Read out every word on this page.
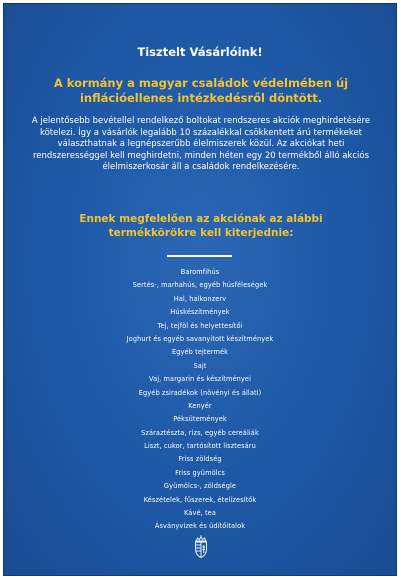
Tisztelt Vásárlóink!
A kormány a magyar családok védelmében új inflációellenes intézkedésről döntött.
A jelentősebb bevétellel rendelkező boltokat rendszeres akciók meghirdetésére kötelezi. Így a vásárlók legalább 10 százalékkal csökkentett árú termékeket választhatnak a legnépszerűbb élelmiszerek közül. Az akciókat heti rendszerességgel kell meghirdetni, minden héten egy 20 termékből álló akciós élelmiszerkosár áll a családok rendelkezésére.
Ennek megfelelően az akciónak az alábbi termékkörökre kell kiterjednie:
Baromfihús
Sertés-, marhahús, egyéb húsféleségek
Hal, halkonzerv
Húskészítmények
Tej, tejföl és helyettesítői
Joghurt és egyéb savanyított készítmények
Egyéb tejtermék
Sajt
Vaj, margarin és készítményei
Egyéb zsiradékok (növényi és állati)
Kenyér
Péksütemények
Száraztészta, rizs, egyéb cereáliák
Liszt, cukor, tartósított lisztesáru
Friss zöldség
Friss gyümölcs
Gyümölcs-, zöldségle
Készételek, fűszerek, ételízesítők
Kávé, tea
Ásványvizek és üdítőitalok
